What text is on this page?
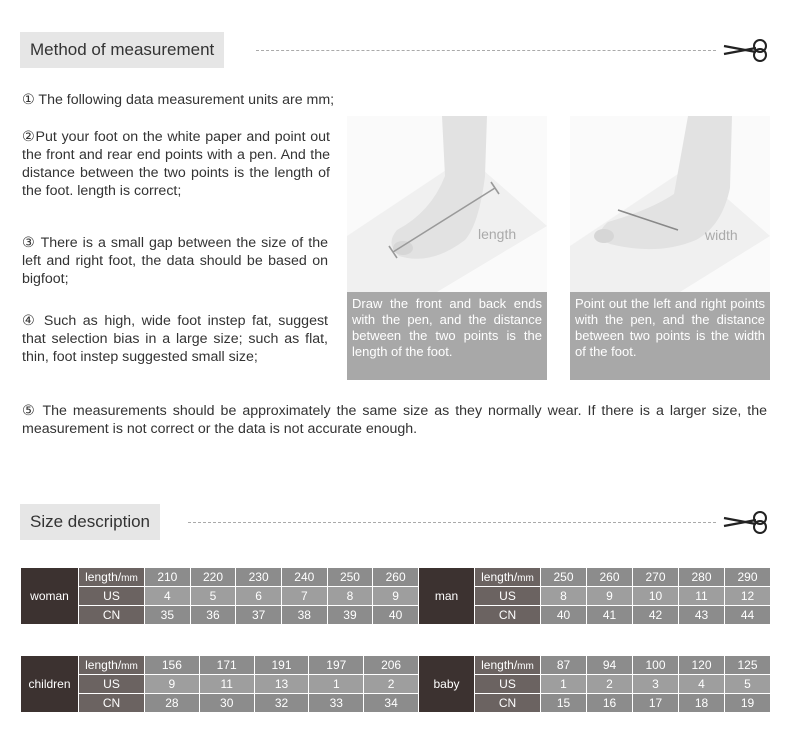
Method of measurement
① The following data measurement units are mm;
②Put your foot on the white paper and point out the front and rear end points with a pen. And the distance between the two points is the length of the foot. length is correct;
③ There is a small gap between the size of the left and right foot, the data should be based on bigfoot;
④ Such as high, wide foot instep fat, suggest that selection bias in a large size; such as flat, thin, foot instep suggested small size;
length	width
Draw the front and back ends with the pen, and the distance between the two points is the length of the foot.
Point out the left and right points with the pen, and the distance between two points is the width of the foot.
⑤ The measurements should be approximately the same size as they normally wear. If there is a larger size, the measurement is not correct or the data is not accurate enough.
Size description
woman	length/mm	210	220	230	240	250	260
	US	4	5	6	7	8	9
	CN	35	36	37	38	39	40
man	length/mm	250	260	270	280	290
	US	8	9	10	11	12
	CN	40	41	42	43	44
children	length/mm	156	171	191	197	206
	US	9	11	13	1	2
	CN	28	30	32	33	34
baby	length/mm	87	94	100	120	125
	US	1	2	3	4	5
	CN	15	16	17	18	19
